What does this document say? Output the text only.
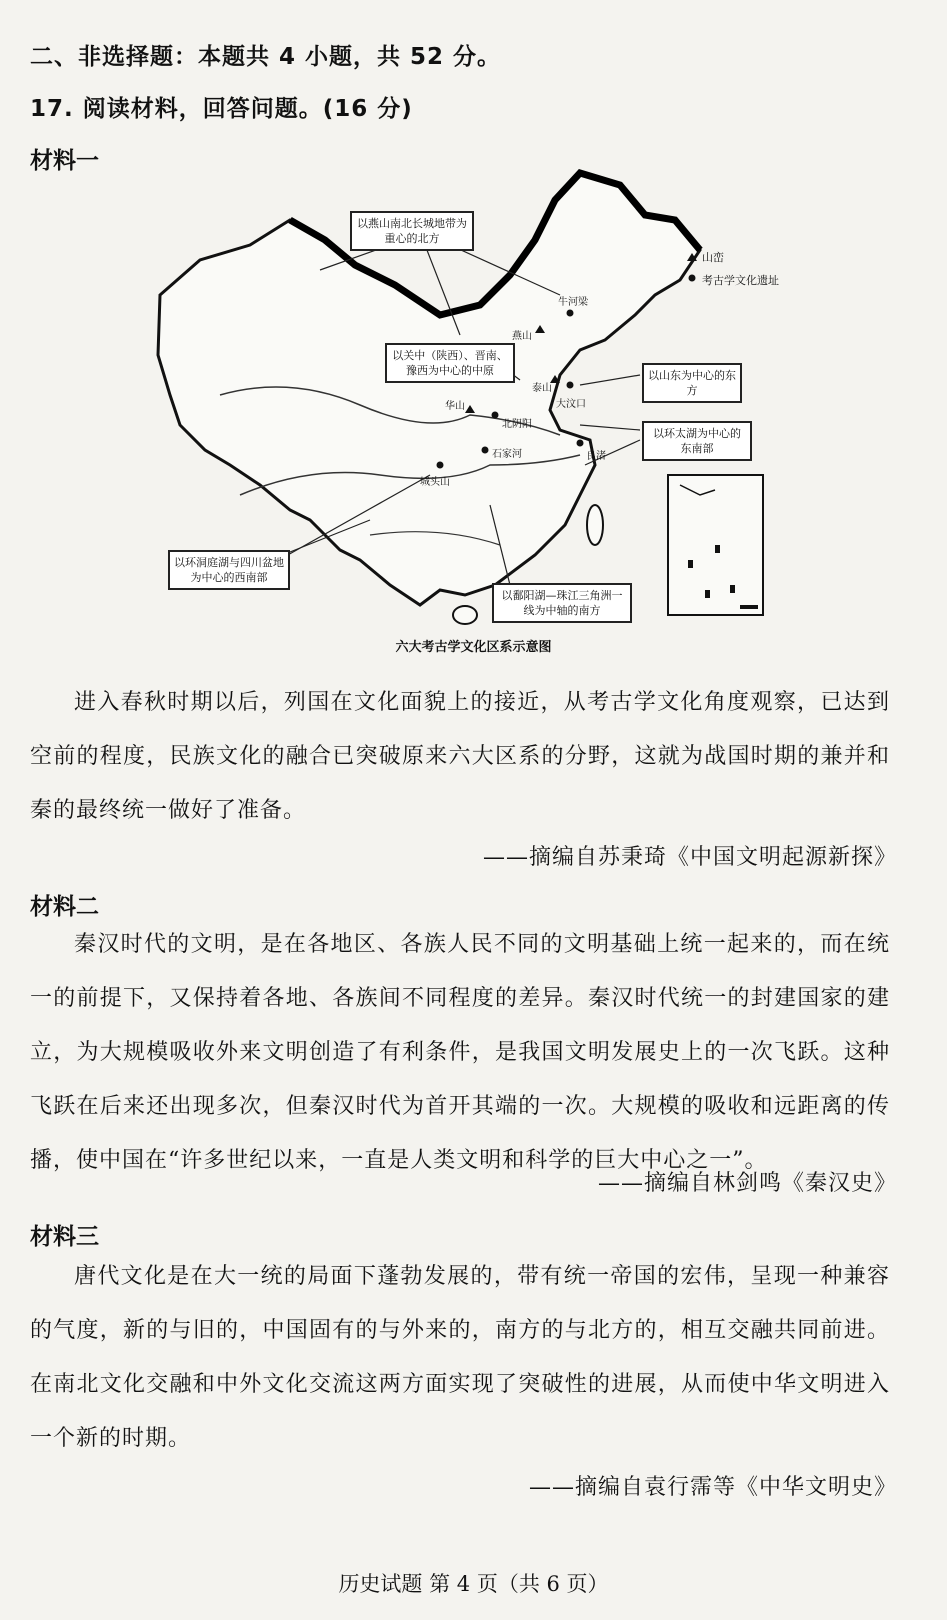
二、非选择题：本题共 4 小题，共 52 分。
17. 阅读材料，回答问题。(16 分)
材料一
山峦
考古学文化遗址
以燕山南北长城地带为重心的北方
以关中（陕西）、晋南、豫西为中心的中原	以山东为中心的东方
以环太湖为中心的东南部
以环洞庭湖与四川盆地为中心的西南部
以鄱阳湖—珠江三角洲一线为中轴的南方
牛河梁
燕山
泰山
大汶口
华山
北阴阳
石家河
城头山
良渚
六大考古学文化区系示意图
进入春秋时期以后，列国在文化面貌上的接近，从考古学文化角度观察，已达到空前的程度，民族文化的融合已突破原来六大区系的分野，这就为战国时期的兼并和秦的最终统一做好了准备。
——摘编自苏秉琦《中国文明起源新探》
材料二
秦汉时代的文明，是在各地区、各族人民不同的文明基础上统一起来的，而在统一的前提下，又保持着各地、各族间不同程度的差异。秦汉时代统一的封建国家的建立，为大规模吸收外来文明创造了有利条件，是我国文明发展史上的一次飞跃。这种飞跃在后来还出现多次，但秦汉时代为首开其端的一次。大规模的吸收和远距离的传播，使中国在“许多世纪以来，一直是人类文明和科学的巨大中心之一”。
——摘编自林剑鸣《秦汉史》
材料三
唐代文化是在大一统的局面下蓬勃发展的，带有统一帝国的宏伟，呈现一种兼容的气度，新的与旧的，中国固有的与外来的，南方的与北方的，相互交融共同前进。在南北文化交融和中外文化交流这两方面实现了突破性的进展，从而使中华文明进入一个新的时期。
——摘编自袁行霈等《中华文明史》
历史试题 第 4 页（共 6 页）
